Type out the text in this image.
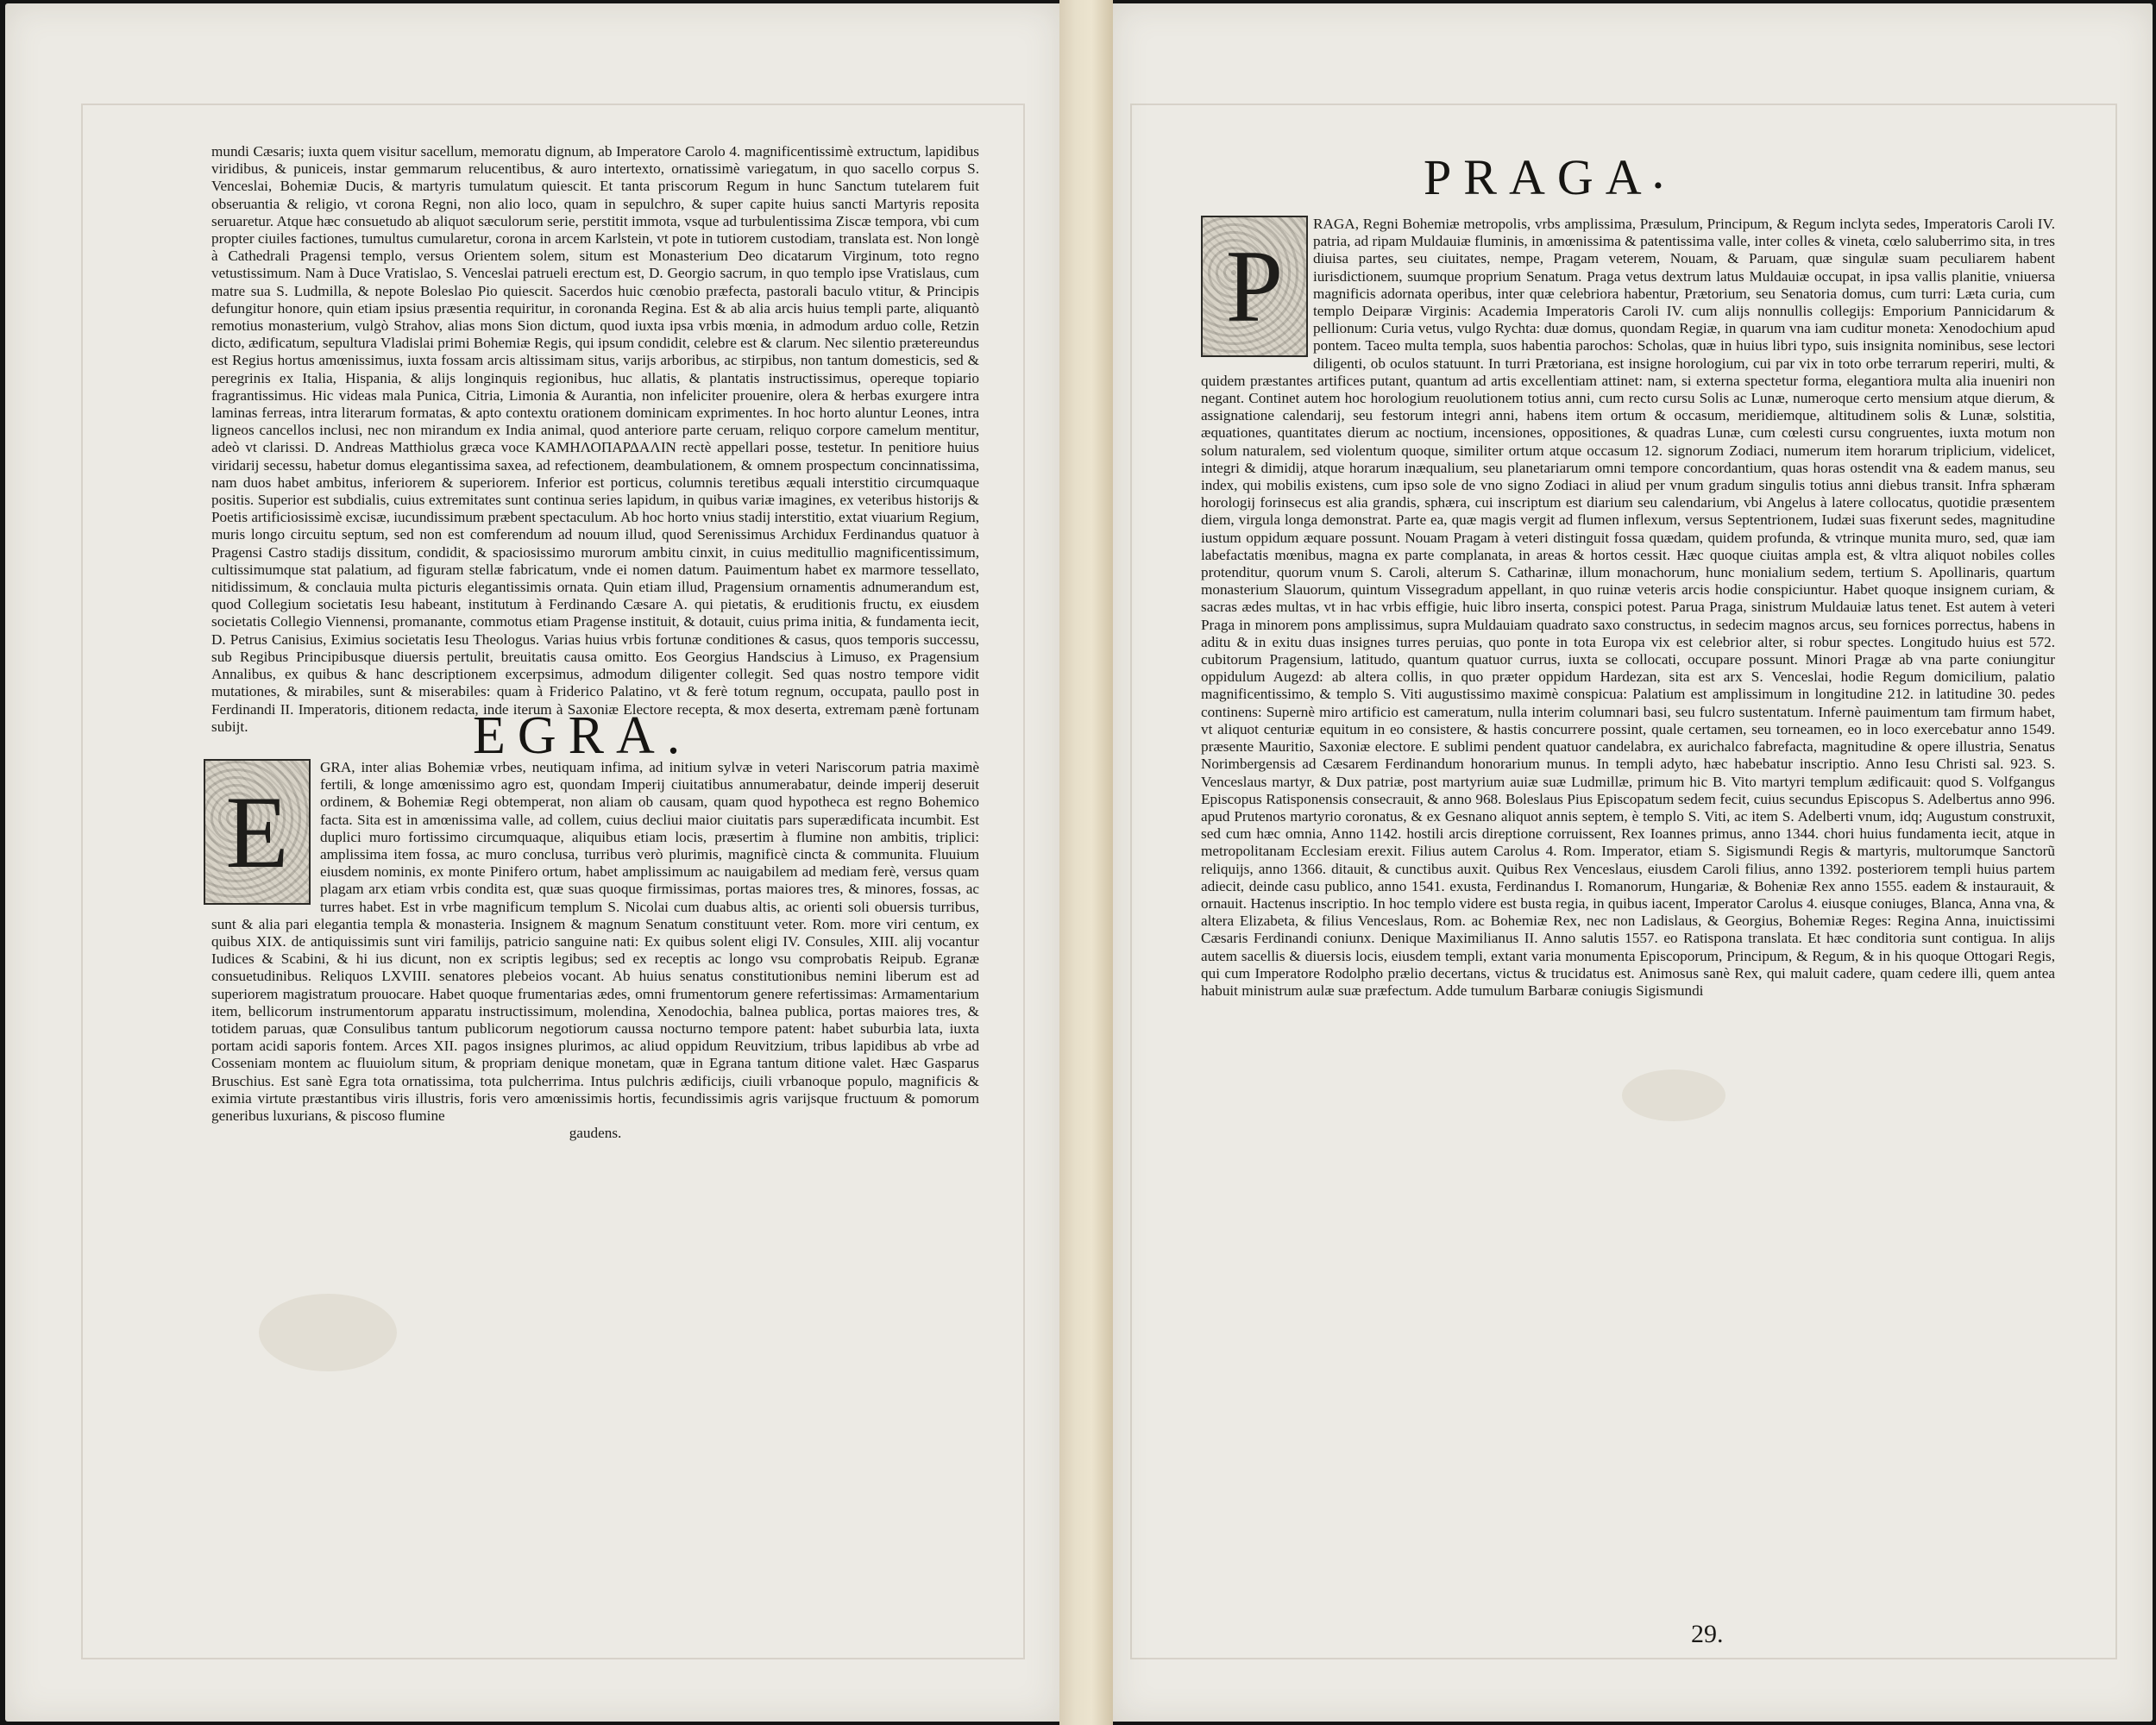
mundi Cæsaris; iuxta quem visitur sacellum, memoratu dignum, ab Imperatore Carolo 4. magnificentissimè extructum, lapidibus viridibus, & puniceis, instar gemmarum relucentibus, & auro intertexto, ornatissimè variegatum, in quo sacello corpus S. Venceslai, Bohemiæ Ducis, & martyris tumulatum quiescit. Et tanta priscorum Regum in hunc Sanctum tutelarem fuit obseruantia & religio, vt corona Regni, non alio loco, quam in sepulchro, & super capite huius sancti Martyris reposita seruaretur. Atque hæc consuetudo ab aliquot sæculorum serie, perstitit immota, vsque ad turbulentissima Ziscæ tempora, vbi cum propter ciuiles factiones, tumultus cumularetur, corona in arcem Karlstein, vt pote in tutiorem custodiam, translata est. Non longè à Cathedrali Pragensi templo, versus Orientem solem, situm est Monasterium Deo dicatarum Virginum, toto regno vetustissimum. Nam à Duce Vratislao, S. Venceslai patrueli erectum est, D. Georgio sacrum, in quo templo ipse Vratislaus, cum matre sua S. Ludmilla, & nepote Boleslao Pio quiescit. Sacerdos huic cœnobio præfecta, pastorali baculo vtitur, & Principis defungitur honore, quin etiam ipsius præsentia requiritur, in coronanda Regina. Est & ab alia arcis huius templi parte, aliquantò remotius monasterium, vulgò Strahov, alias mons Sion dictum, quod iuxta ipsa vrbis mœnia, in admodum arduo colle, Retzin dicto, ædificatum, sepultura Vladislai primi Bohemiæ Regis, qui ipsum condidit, celebre est & clarum. Nec silentio prætereundus est Regius hortus amœnissimus, iuxta fossam arcis altissimam situs, varijs arboribus, ac stirpibus, non tantum domesticis, sed & peregrinis ex Italia, Hispania, & alijs longinquis regionibus, huc allatis, & plantatis instructissimus, opereque topiario fragrantissimus. Hic videas mala Punica, Citria, Limonia & Aurantia, non infeliciter prouenire, olera & herbas exurgere intra laminas ferreas, intra literarum formatas, & apto contextu orationem dominicam exprimentes. In hoc horto aluntur Leones, intra ligneos cancellos inclusi, nec non mirandum ex India animal, quod anteriore parte ceruam, reliquo corpore camelum mentitur, adeò vt clarissi. D. Andreas Matthiolus græca voce ΚΑΜΗΛΟΠΑΡΔΑΛΙΝ rectè appellari posse, testetur. In penitiore huius viridarij secessu, habetur domus elegantissima saxea, ad refectionem, deambulationem, & omnem prospectum concinnatissima, nam duos habet ambitus, inferiorem & superiorem. Inferior est porticus, columnis teretibus æquali interstitio circumquaque positis. Superior est subdialis, cuius extremitates sunt continua series lapidum, in quibus variæ imagines, ex veteribus historijs & Poetis artificiosissimè excisæ, iucundissimum præbent spectaculum. Ab hoc horto vnius stadij interstitio, extat viuarium Regium, muris longo circuitu septum, sed non est comferendum ad nouum illud, quod Serenissimus Archidux Ferdinandus quatuor à Pragensi Castro stadijs dissitum, condidit, & spaciosissimo murorum ambitu cinxit, in cuius meditullio magnificentissimum, cultissimumque stat palatium, ad figuram stellæ fabricatum, vnde ei nomen datum. Pauimentum habet ex marmore tessellato, nitidissimum, & conclauia multa picturis elegantissimis ornata. Quin etiam illud, Pragensium ornamentis adnumerandum est, quod Collegium societatis Iesu habeant, institutum à Ferdinando Cæsare A. qui pietatis, & eruditionis fructu, ex eiusdem societatis Collegio Viennensi, promanante, commotus etiam Pragense instituit, & dotauit, cuius prima initia, & fundamenta iecit, D. Petrus Canisius, Eximius societatis Iesu Theologus. Varias huius vrbis fortunæ conditiones & casus, quos temporis successu, sub Regibus Principibusque diuersis pertulit, breuitatis causa omitto. Eos Georgius Handscius à Limuso, ex Pragensium Annalibus, ex quibus & hanc descriptionem excerpsimus, admodum diligenter collegit. Sed quas nostro tempore vidit mutationes, & mirabiles, sunt & miserabiles: quam à Friderico Palatino, vt & ferè totum regnum, occupata, paullo post in Ferdinandi II. Imperatoris, ditionem redacta, inde iterum à Saxoniæ Electore recepta, & mox deserta, extremam pænè fortunam subijt.	EGRA.
E
GRA, inter alias Bohemiæ vrbes, neutiquam infima, ad initium sylvæ in veteri Nariscorum patria maximè fertili, & longe amœnissimo agro est, quondam Imperij ciuitatibus annumerabatur, deinde imperij deseruit ordinem, & Bohemiæ Regi obtemperat, non aliam ob causam, quam quod hypotheca est regno Bohemico facta. Sita est in amœnissima valle, ad collem, cuius decliui maior ciuitatis pars superædificata incumbit. Est duplici muro fortissimo circumquaque, aliquibus etiam locis, præsertim à flumine non ambitis, triplici: amplissima item fossa, ac muro conclusa, turribus verò plurimis, magnificè cincta & communita. Fluuium eiusdem nominis, ex monte Pinifero ortum, habet amplissimum ac nauigabilem ad mediam ferè, versus quam plagam arx etiam vrbis condita est, quæ suas quoque firmissimas, portas maiores tres, & minores, fossas, ac turres habet. Est in vrbe magnificum templum S. Nicolai cum duabus altis, ac orienti soli obuersis turribus, sunt & alia pari elegantia templa & monasteria. Insignem & magnum Senatum constituunt veter. Rom. more viri centum, ex quibus XIX. de antiquissimis sunt viri familijs, patricio sanguine nati: Ex quibus solent eligi IV. Consules, XIII. alij vocantur Iudices & Scabini, & hi ius dicunt, non ex scriptis legibus; sed ex receptis ac longo vsu comprobatis Reipub. Egranæ consuetudinibus. Reliquos LXVIII. senatores plebeios vocant. Ab huius senatus constitutionibus nemini liberum est ad superiorem magistratum prouocare. Habet quoque frumentarias ædes, omni frumentorum genere refertissimas: Armamentarium item, bellicorum instrumentorum apparatu instructissimum, molendina, Xenodochia, balnea publica, portas maiores tres, & totidem paruas, quæ Consulibus tantum publicorum negotiorum caussa nocturno tempore patent: habet suburbia lata, iuxta portam acidi saporis fontem. Arces XII. pagos insignes plurimos, ac aliud oppidum Reuvitzium, tribus lapidibus ab vrbe ad Cosseniam montem ac fluuiolum situm, & propriam denique monetam, quæ in Egrana tantum ditione valet. Hæc Gasparus Bruschius. Est sanè Egra tota ornatissima, tota pulcherrima. Intus pulchris ædificijs, ciuili vrbanoque populo, magnificis & eximia virtute præstantibus viris illustris, foris vero amœnissimis hortis, fecundissimis agris varijsque fructuum & pomorum generibus luxurians, & piscoso flumine
gaudens.
PRAGA•
P
RAGA, Regni Bohemiæ metropolis, vrbs amplissima, Præsulum, Principum, & Regum inclyta sedes, Imperatoris Caroli IV. patria, ad ripam Muldauiæ fluminis, in amœnissima & patentissima valle, inter colles & vineta, cœlo saluberrimo sita, in tres diuisa partes, seu ciuitates, nempe, Pragam veterem, Nouam, & Paruam, quæ singulæ suam peculiarem habent iurisdictionem, suumque proprium Senatum. Praga vetus dextrum latus Muldauiæ occupat, in ipsa vallis planitie, vniuersa magnificis adornata operibus, inter quæ celebriora habentur, Prætorium, seu Senatoria domus, cum turri: Læta curia, cum templo Deiparæ Virginis: Academia Imperatoris Caroli IV. cum alijs nonnullis collegijs: Emporium Pannicidarum & pellionum: Curia vetus, vulgo Rychta: duæ domus, quondam Regiæ, in quarum vna iam cuditur moneta: Xenodochium apud pontem. Taceo multa templa, suos habentia parochos: Scholas, quæ in huius libri typo, suis insignita nominibus, sese lectori diligenti, ob oculos statuunt. In turri Prætoriana, est insigne horologium, cui par vix in toto orbe terrarum reperiri, multi, & quidem præstantes artifices putant, quantum ad artis excellentiam attinet: nam, si externa spectetur forma, elegantiora multa alia inueniri non negant. Continet autem hoc horologium reuolutionem totius anni, cum recto cursu Solis ac Lunæ, numeroque certo mensium atque dierum, & assignatione calendarij, seu festorum integri anni, habens item ortum & occasum, meridiemque, altitudinem solis & Lunæ, solstitia, æquationes, quantitates dierum ac noctium, incensiones, oppositiones, & quadras Lunæ, cum cœlesti cursu congruentes, iuxta motum non solum naturalem, sed violentum quoque, similiter ortum atque occasum 12. signorum Zodiaci, numerum item horarum triplicium, videlicet, integri & dimidij, atque horarum inæqualium, seu planetariarum omni tempore concordantium, quas horas ostendit vna & eadem manus, seu index, qui mobilis existens, cum ipso sole de vno signo Zodiaci in aliud per vnum gradum singulis totius anni diebus transit. Infra sphæram horologij forinsecus est alia grandis, sphæra, cui inscriptum est diarium seu calendarium, vbi Angelus à latere collocatus, quotidie præsentem diem, virgula longa demonstrat. Parte ea, quæ magis vergit ad flumen inflexum, versus Septentrionem, Iudæi suas fixerunt sedes, magnitudine iustum oppidum æquare possunt. Nouam Pragam à veteri distinguit fossa quædam, quidem profunda, & vtrinque munita muro, sed, quæ iam labefactatis mœnibus, magna ex parte complanata, in areas & hortos cessit. Hæc quoque ciuitas ampla est, & vltra aliquot nobiles colles protenditur, quorum vnum S. Caroli, alterum S. Catharinæ, illum monachorum, hunc monialium sedem, tertium S. Apollinaris, quartum monasterium Slauorum, quintum Vissegradum appellant, in quo ruinæ veteris arcis hodie conspiciuntur. Habet quoque insignem curiam, & sacras ædes multas, vt in hac vrbis effigie, huic libro inserta, conspici potest. Parua Praga, sinistrum Muldauiæ latus tenet. Est autem à veteri Praga in minorem pons amplissimus, supra Muldauiam quadrato saxo constructus, in sedecim magnos arcus, seu fornices porrectus, habens in aditu & in exitu duas insignes turres peruias, quo ponte in tota Europa vix est celebrior alter, si robur spectes. Longitudo huius est 572. cubitorum Pragensium, latitudo, quantum quatuor currus, iuxta se collocati, occupare possunt. Minori Pragæ ab vna parte coniungitur oppidulum Augezd: ab altera collis, in quo præter oppidum Hardezan, sita est arx S. Venceslai, hodie Regum domicilium, palatio magnificentissimo, & templo S. Viti augustissimo maximè conspicua: Palatium est amplissimum in longitudine 212. in latitudine 30. pedes continens: Supernè miro artificio est cameratum, nulla interim columnari basi, seu fulcro sustentatum. Infernè pauimentum tam firmum habet, vt aliquot centuriæ equitum in eo consistere, & hastis concurrere possint, quale certamen, seu torneamen, eo in loco exercebatur anno 1549. præsente Mauritio, Saxoniæ electore. E sublimi pendent quatuor candelabra, ex aurichalco fabrefacta, magnitudine & opere illustria, Senatus Norimbergensis ad Cæsarem Ferdinandum honorarium munus. In templi adyto, hæc habebatur inscriptio. Anno Iesu Christi sal. 923. S. Venceslaus martyr, & Dux patriæ, post martyrium auiæ suæ Ludmillæ, primum hic B. Vito martyri templum ædificauit: quod S. Volfgangus Episcopus Ratisponensis consecrauit, & anno 968. Boleslaus Pius Episcopatum sedem fecit, cuius secundus Episcopus S. Adelbertus anno 996. apud Prutenos martyrio coronatus, & ex Gesnano aliquot annis septem, è templo S. Viti, ac item S. Adelberti vnum, idq; Augustum construxit, sed cum hæc omnia, Anno 1142. hostili arcis direptione corruissent, Rex Ioannes primus, anno 1344. chori huius fundamenta iecit, atque in metropolitanam Ecclesiam erexit. Filius autem Carolus 4. Rom. Imperator, etiam S. Sigismundi Regis & martyris, multorumque Sanctorũ reliquijs, anno 1366. ditauit, & cunctibus auxit. Quibus Rex Venceslaus, eiusdem Caroli filius, anno 1392. posteriorem templi huius partem adiecit, deinde casu publico, anno 1541. exusta, Ferdinandus I. Romanorum, Hungariæ, & Boheniæ Rex anno 1555. eadem & instaurauit, & ornauit. Hactenus inscriptio. In hoc templo videre est busta regia, in quibus iacent, Imperator Carolus 4. eiusque coniuges, Blanca, Anna vna, & altera Elizabeta, & filius Venceslaus, Rom. ac Bohemiæ Rex, nec non Ladislaus, & Georgius, Bohemiæ Reges: Regina Anna, inuictissimi Cæsaris Ferdinandi coniunx. Denique Maximilianus II. Anno salutis 1557. eo Ratispona translata. Et hæc conditoria sunt contigua. In alijs autem sacellis & diuersis locis, eiusdem templi, extant varia monumenta Episcoporum, Principum, & Regum, & in his quoque Ottogari Regis, qui cum Imperatore Rodolpho prælio decertans, victus & trucidatus est. Animosus sanè Rex, qui maluit cadere, quam cedere illi, quem antea habuit ministrum aulæ suæ præfectum. Adde tumulum Barbaræ coniugis Sigismundi
29.
